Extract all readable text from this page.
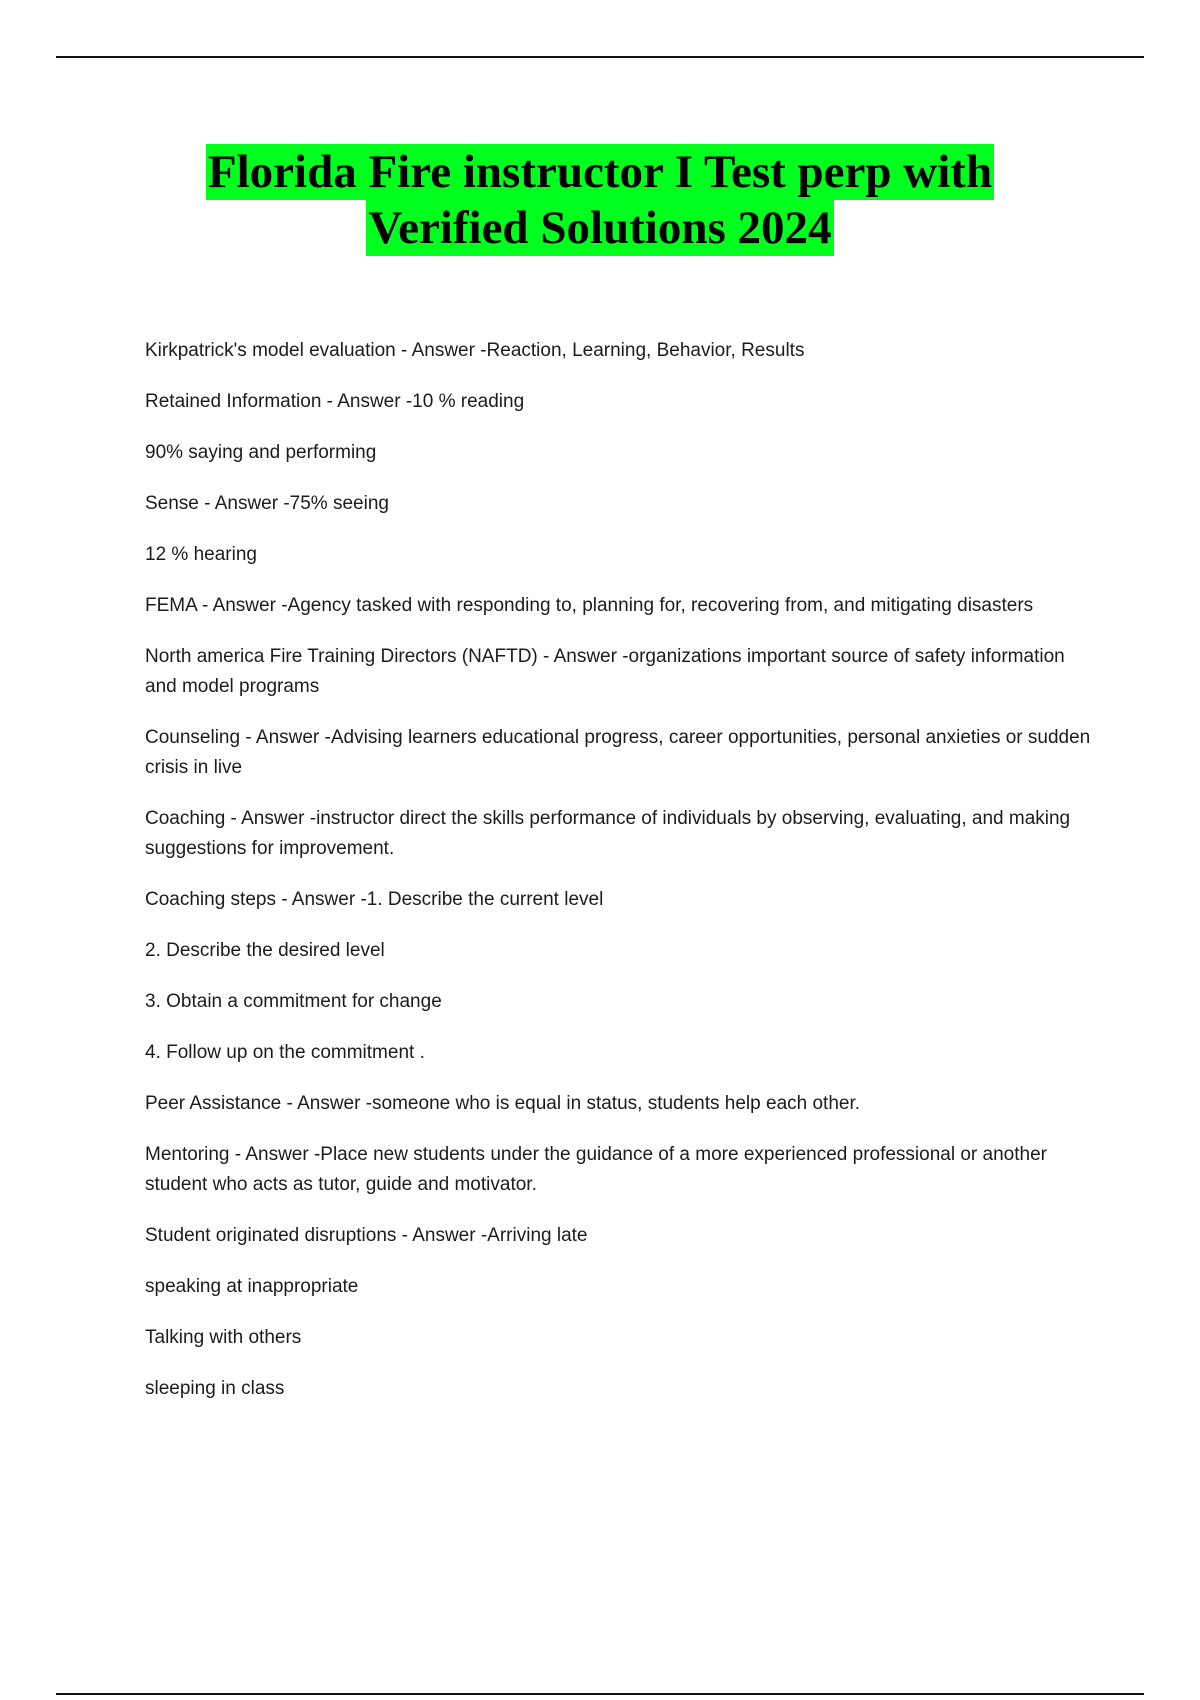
Florida Fire instructor I Test perp with
Verified Solutions 2024

Kirkpatrick's model evaluation - Answer -Reaction, Learning, Behavior, Results

Retained Information - Answer -10 % reading

90% saying and performing

Sense - Answer -75% seeing

12 % hearing

FEMA - Answer -Agency tasked with responding to, planning for, recovering from, and mitigating disasters

North america Fire Training Directors (NAFTD) - Answer -organizations important source of safety information and model programs

Counseling - Answer -Advising learners educational progress, career opportunities, personal anxieties or sudden crisis in live

Coaching - Answer -instructor direct the skills performance of individuals by observing, evaluating, and making suggestions for improvement.

Coaching steps - Answer -1. Describe the current level

2. Describe the desired level

3. Obtain a commitment for change

4. Follow up on the commitment .

Peer Assistance - Answer -someone who is equal in status, students help each other.

Mentoring - Answer -Place new students under the guidance of a more experienced professional or another student who acts as tutor, guide and motivator.

Student originated disruptions - Answer -Arriving late

speaking at inappropriate

Talking with others

sleeping in class
